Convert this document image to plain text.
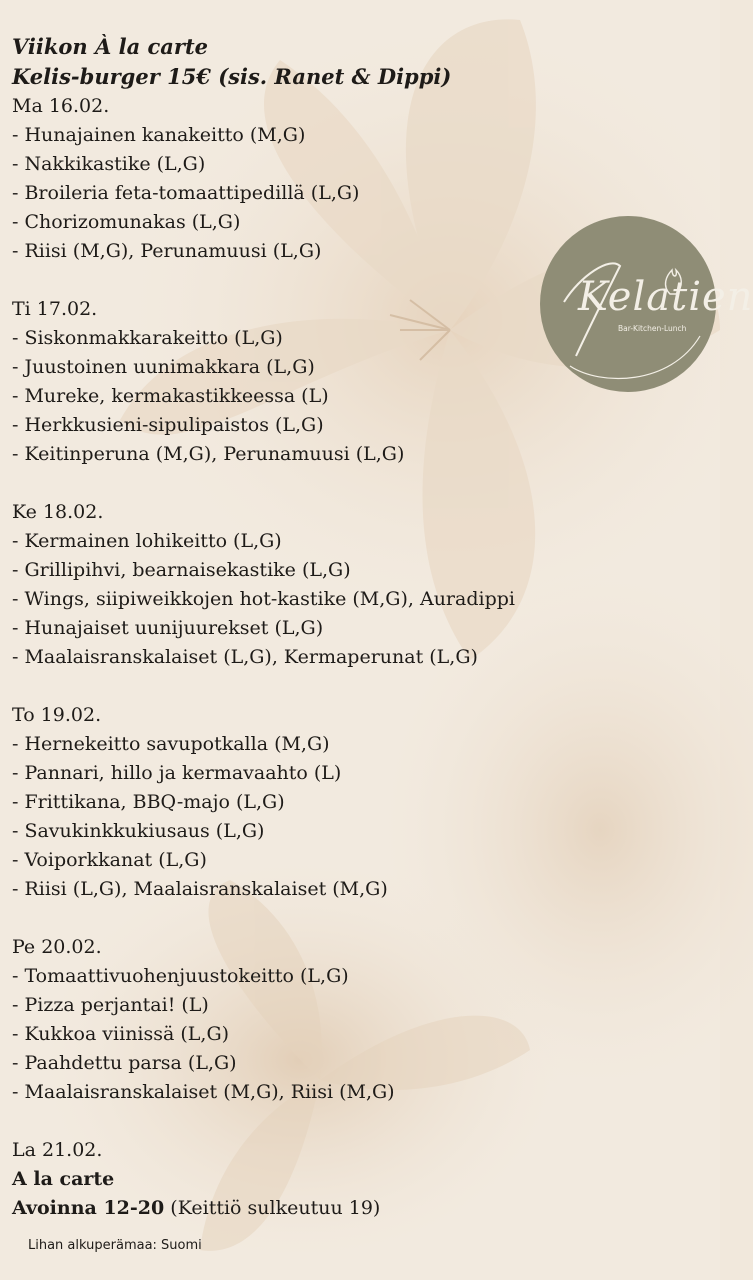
Kelatien
Bar-Kitchen-Lunch
Viikon À la carte
Kelis-burger 15€ (sis. Ranet & Dippi)
Ma 16.02.
- Hunajainen kanakeitto (M,G)
- Nakkikastike (L,G)
- Broileria feta-tomaattipedillä (L,G)
- Chorizomunakas (L,G)
- Riisi (M,G), Perunamuusi (L,G)
Ti 17.02.
- Siskonmakkarakeitto (L,G)
- Juustoinen uunimakkara (L,G)
- Mureke, kermakastikkeessa (L)
- Herkkusieni-sipulipaistos (L,G)
- Keitinperuna (M,G), Perunamuusi (L,G)
Ke 18.02.
- Kermainen lohikeitto (L,G)
- Grillipihvi, bearnaisekastike (L,G)
- Wings, siipiweikkojen hot-kastike (M,G), Auradippi
- Hunajaiset uunijuurekset (L,G)
- Maalaisranskalaiset (L,G), Kermaperunat (L,G)
To 19.02.
- Hernekeitto savupotkalla (M,G)
- Pannari, hillo ja kermavaahto (L)
- Frittikana, BBQ-majo (L,G)
- Savukinkkukiusaus (L,G)
- Voiporkkanat (L,G)
- Riisi (L,G), Maalaisranskalaiset (M,G)
Pe 20.02.
- Tomaattivuohenjuustokeitto (L,G)
- Pizza perjantai! (L)
- Kukkoa viinissä (L,G)
- Paahdettu parsa (L,G)
- Maalaisranskalaiset (M,G), Riisi (M,G)
La 21.02.
A la carte
Avoinna 12-20 (Keittiö sulkeutuu 19)
Lihan alkuperämaa: Suomi
